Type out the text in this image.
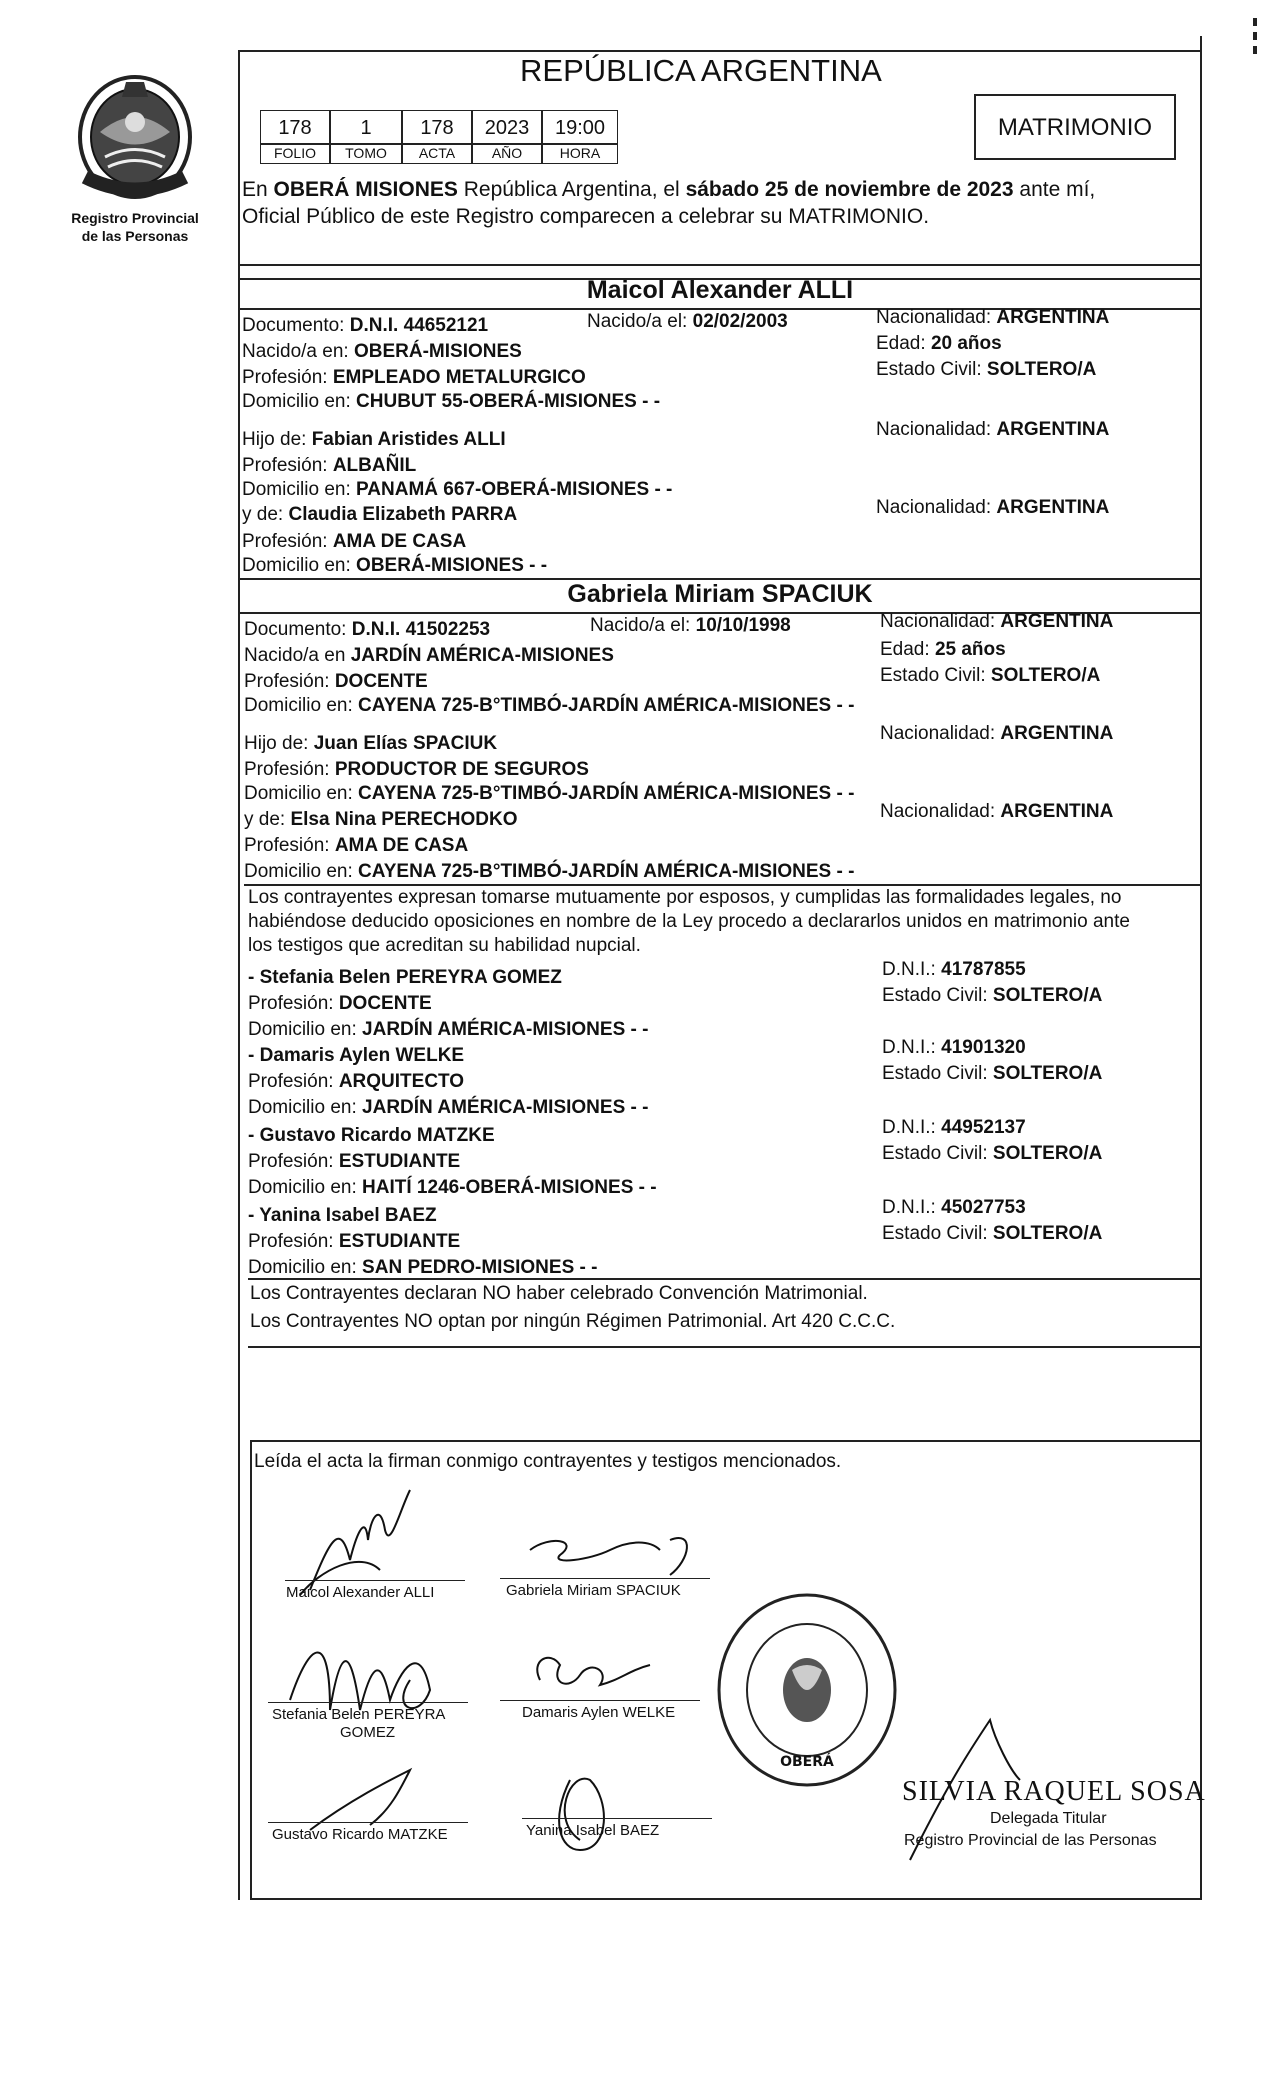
Registro Provincial
de las Personas
REPÚBLICA ARGENTINA
178
FOLIO
1
TOMO
178
ACTA
2023
AÑO
19:00
HORA
MATRIMONIO
En OBERÁ MISIONES República Argentina, el sábado 25 de noviembre de 2023 ante mí,
Oficial Público de este Registro comparecen a celebrar su MATRIMONIO.
Maicol Alexander ALLI
Documento: D.N.I. 44652121	Nacido/a el: 02/02/2003	Nacionalidad: ARGENTINA
Nacido/a en: OBERÁ-MISIONES	Edad: 20 años
Profesión: EMPLEADO METALURGICO	Estado Civil: SOLTERO/A
Domicilio en: CHUBUT 55-OBERÁ-MISIONES - -
Hijo de: Fabian Aristides ALLI	Nacionalidad: ARGENTINA
Profesión: ALBAÑIL
Domicilio en: PANAMÁ 667-OBERÁ-MISIONES - -
y de: Claudia Elizabeth PARRA	Nacionalidad: ARGENTINA
Profesión: AMA DE CASA
Domicilio en: OBERÁ-MISIONES - -
Gabriela Miriam SPACIUK
Documento: D.N.I. 41502253	Nacido/a el: 10/10/1998	Nacionalidad: ARGENTINA
Nacido/a en JARDÍN AMÉRICA-MISIONES	Edad: 25 años
Profesión: DOCENTE	Estado Civil: SOLTERO/A
Domicilio en: CAYENA 725-B°TIMBÓ-JARDÍN AMÉRICA-MISIONES - -
Hijo de: Juan Elías SPACIUK	Nacionalidad: ARGENTINA
Profesión: PRODUCTOR DE SEGUROS
Domicilio en: CAYENA 725-B°TIMBÓ-JARDÍN AMÉRICA-MISIONES - -
y de: Elsa Nina PERECHODKO	Nacionalidad: ARGENTINA
Profesión: AMA DE CASA
Domicilio en: CAYENA 725-B°TIMBÓ-JARDÍN AMÉRICA-MISIONES - -
Los contrayentes expresan tomarse mutuamente por esposos, y cumplidas las formalidades legales, no
habiéndose deducido oposiciones en nombre de la Ley procedo a declararlos unidos en matrimonio ante
los testigos que acreditan su habilidad nupcial.
- Stefania Belen PEREYRA GOMEZ
Profesión: DOCENTE
Domicilio en: JARDÍN AMÉRICA-MISIONES - -
D.N.I.: 41787855
Estado Civil: SOLTERO/A
- Damaris Aylen WELKE
Profesión: ARQUITECTO
Domicilio en: JARDÍN AMÉRICA-MISIONES - -
D.N.I.: 41901320
Estado Civil: SOLTERO/A
- Gustavo Ricardo MATZKE
Profesión: ESTUDIANTE
Domicilio en: HAITÍ 1246-OBERÁ-MISIONES - -
D.N.I.: 44952137
Estado Civil: SOLTERO/A
- Yanina Isabel BAEZ
Profesión: ESTUDIANTE
Domicilio en: SAN PEDRO-MISIONES - -
D.N.I.: 45027753
Estado Civil: SOLTERO/A
Los Contrayentes declaran NO haber celebrado Convención Matrimonial.
Los Contrayentes NO optan por ningún Régimen Patrimonial. Art 420 C.C.C.
Leída el acta la firman conmigo contrayentes y testigos mencionados.
Maicol Alexander ALLI	Gabriela Miriam SPACIUK
Stefania Belen PEREYRA
GOMEZ
Damaris Aylen WELKE
Gustavo Ricardo MATZKE	Yanina Isabel BAEZ
OBERÁ
SILVIA RAQUEL SOSA
Delegada Titular
Registro Provincial de las Personas
